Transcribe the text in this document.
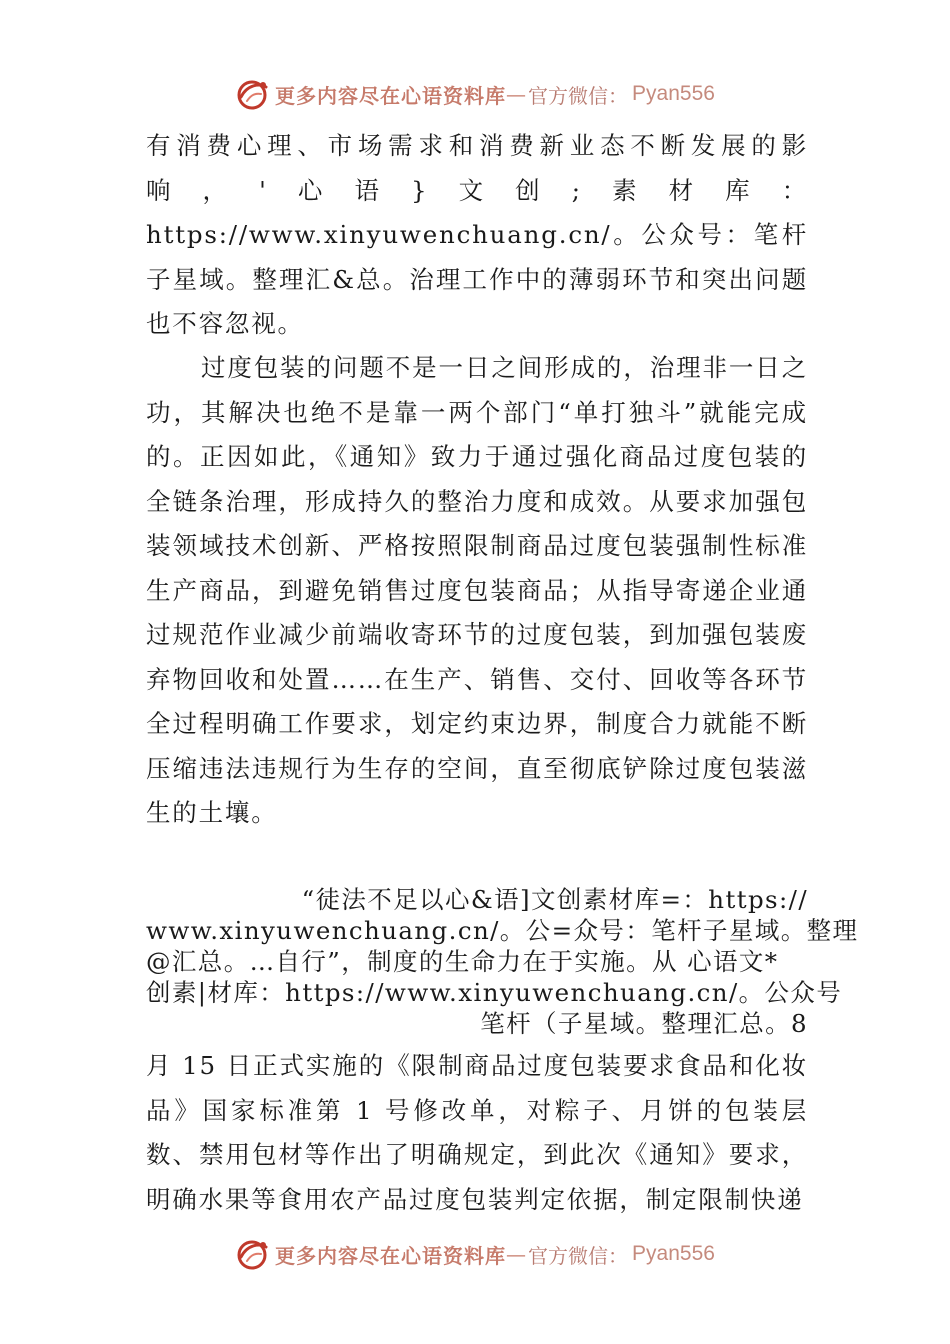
更多内容尽在心语资料库 — 官方微信： Pyan556

有消费心理、市场需求和消费新业态不断发展的影响，'心语}文创;素材库：https://www.xinyuwenchuang.cn/。公众号：笔杆子星域。整理汇&总。治理工作中的薄弱环节和突出问题也不容忽视。

过度包装的问题不是一日之间形成的，治理非一日之功，其解决也绝不是靠一两个部门“单打独斗”就能完成的。正因如此，《通知》致力于通过强化商品过度包装的全链条治理，形成持久的整治力度和成效。从要求加强包装领域技术创新、严格按照限制商品过度包装强制性标准生产商品，到避免销售过度包装商品；从指导寄递企业通过规范作业减少前端收寄环节的过度包装，到加强包装废弃物回收和处置……在生产、销售、交付、回收等各环节全过程明确工作要求，划定约束边界，制度合力就能不断压缩违法违规行为生存的空间，直至彻底铲除过度包装滋生的土壤。

“徒法不足以心&语]文创素材库=：https://
www.xinyuwenchuang.cn/。公=众号：笔杆子星域。整理
@汇总。…自行”，制度的生命力在于实施。从 心语文*
创素|材库：https://www.xinyuwenchuang.cn/。公众号
笔杆（子星域。整理汇总。8

月 15 日正式实施的《限制商品过度包装要求食品和化妆品》国家标准第 1 号修改单，对粽子、月饼的包装层数、禁用包材等作出了明确规定，到此次《通知》要求，明确水果等食用农产品过度包装判定依据，制定限制快递

更多内容尽在心语资料库 — 官方微信： Pyan556
